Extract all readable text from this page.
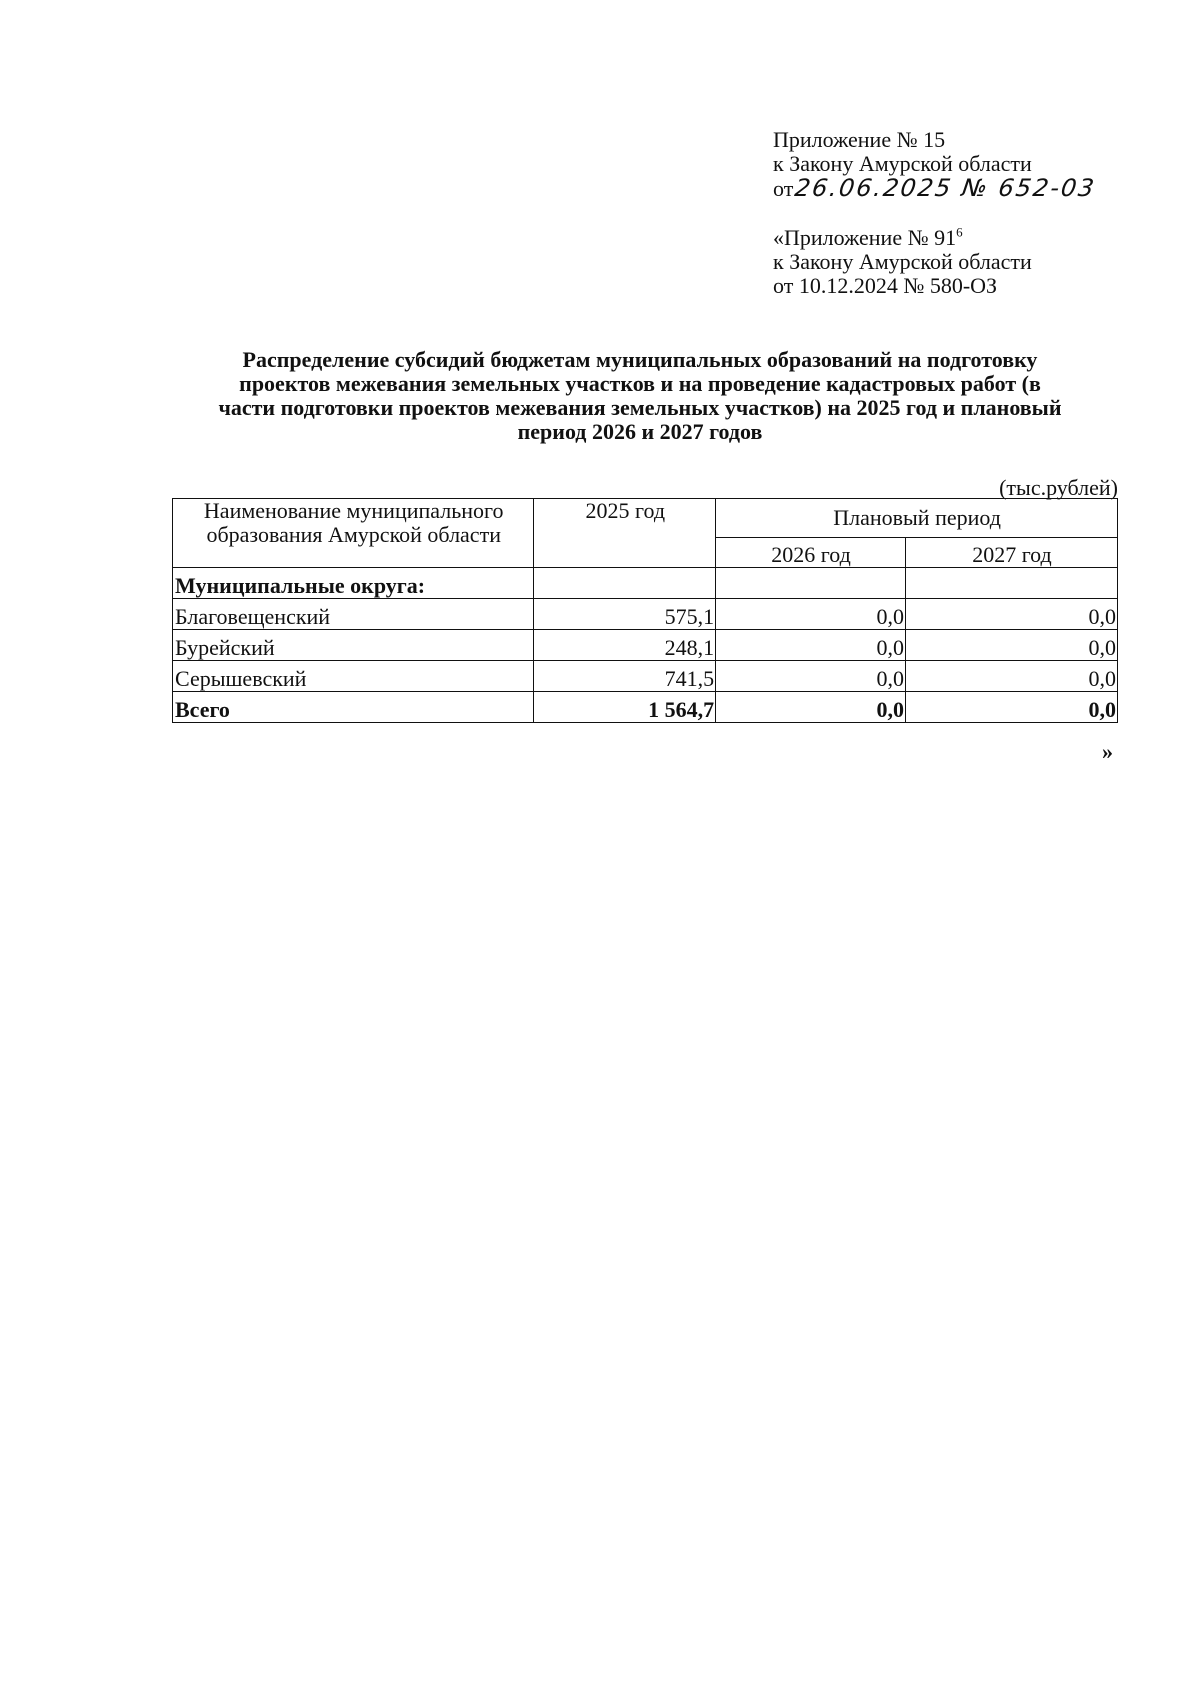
Приложение № 15
к Закону Амурской области
от26.06.2025 № 652-03
«Приложение № $91^6$
к Закону Амурской области
от 10.12.2024 № 580-ОЗ
Распределение субсидий бюджетам муниципальных образований на подготовку
проектов межевания земельных участков и на проведение кадастровых работ (в
части подготовки проектов межевания земельных участков) на 2025 год и плановый
период 2026 и 2027 годов
(тыс.рублей)
Наименование муниципального
образования Амурской области	2025 год	Плановый период	
		2026 год	2027 год
Муниципальные округа:			
Благовещенский	575,1	0,0	0,0
Бурейский	248,1	0,0	0,0
Серышевский	741,5	0,0	0,0
Всего	1 564,7	0,0	0,0
»
